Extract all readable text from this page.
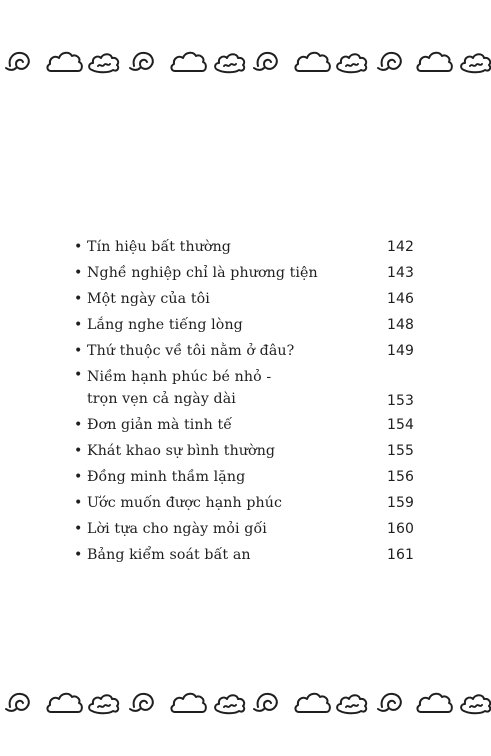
• Tín hiệu bất thường	142
• Nghề nghiệp chỉ là phương tiện	143
• Một ngày của tôi	146
• Lắng nghe tiếng lòng	148
• Thứ thuộc về tôi nằm ở đâu?	149
• Niềm hạnh phúc bé nhỏ -
trọn vẹn cả ngày dài	153
• Đơn giản mà tinh tế	154
• Khát khao sự bình thường	155
• Đồng minh thầm lặng	156
• Ước muốn được hạnh phúc	159
• Lời tựa cho ngày mỏi gối	160
• Bảng kiểm soát bất an	161
